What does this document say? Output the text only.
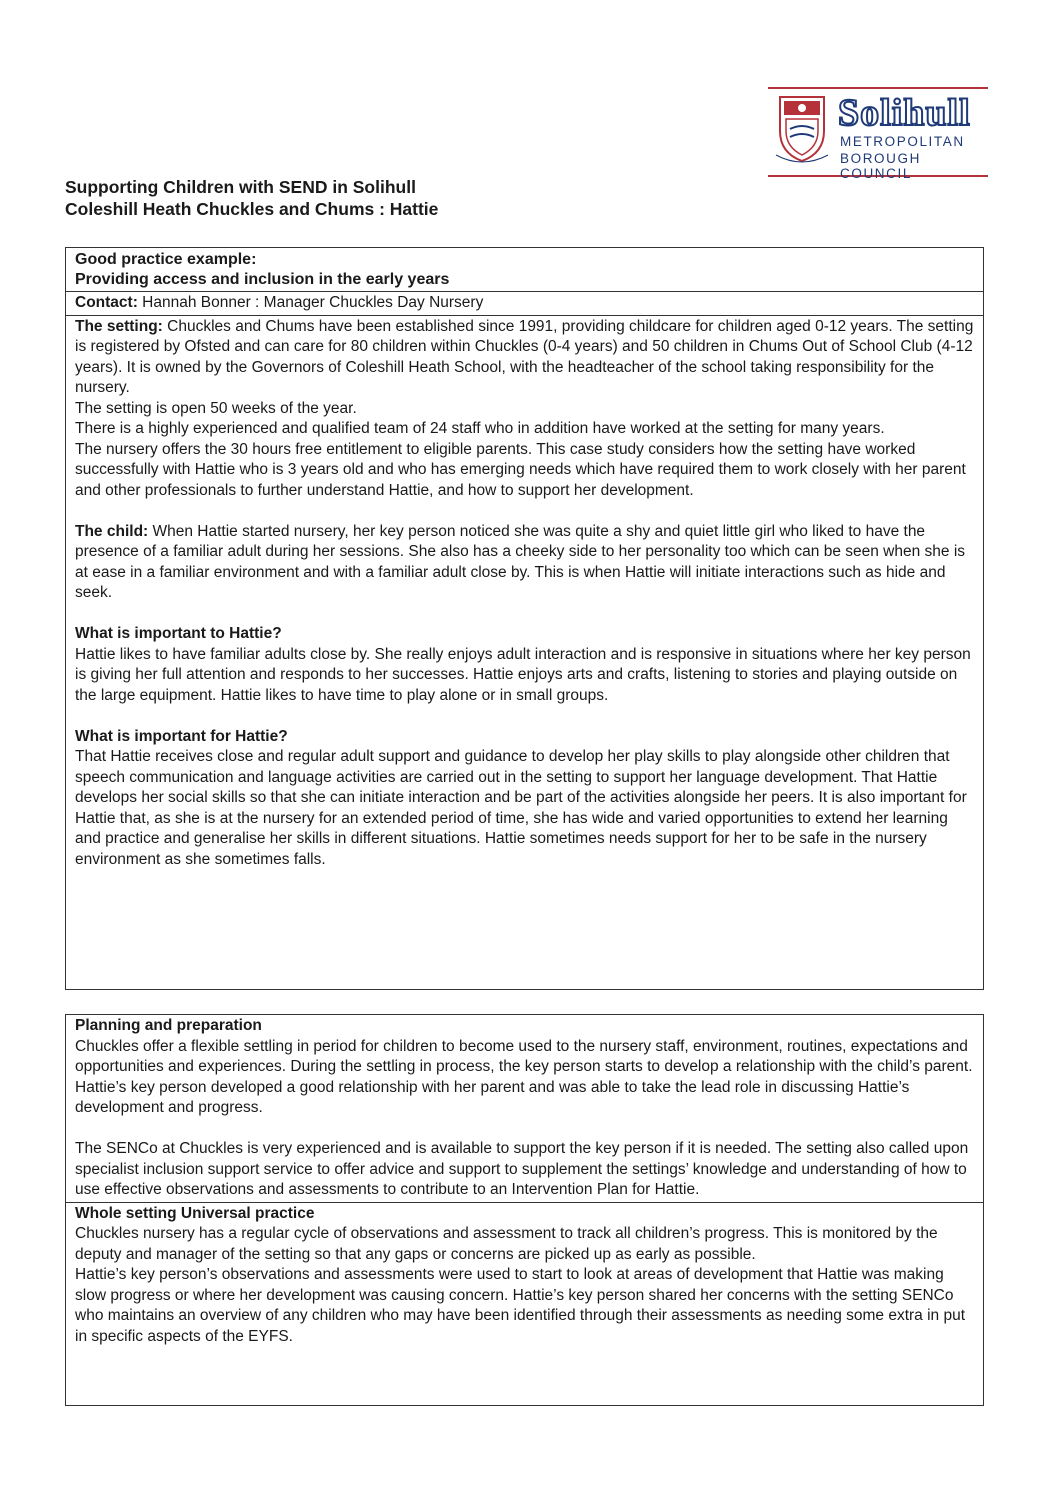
Solihull
METROPOLITAN
BOROUGH COUNCIL
Supporting Children with SEND in Solihull
Coleshill Heath Chuckles and Chums : Hattie
Good practice example:
Providing access and inclusion in the early years
Contact: Hannah Bonner : Manager Chuckles Day Nursery

The setting: Chuckles and Chums have been established since 1991, providing childcare for children aged 0-12 years. The setting is registered by Ofsted and can care for 80 children within Chuckles (0-4 years) and 50 children in Chums Out of School Club (4-12 years). It is owned by the Governors of Coleshill Heath School, with the headteacher of the school taking responsibility for the nursery.

The setting is open 50 weeks of the year.

There is a highly experienced and qualified team of 24 staff who in addition have worked at the setting for many years.

The nursery offers the 30 hours free entitlement to eligible parents. This case study considers how the setting have worked successfully with Hattie who is 3 years old and who has emerging needs which have required them to work closely with her parent and other professionals to further understand Hattie, and how to support her development.

The child: When Hattie started nursery, her key person noticed she was quite a shy and quiet little girl who liked to have the presence of a familiar adult during her sessions. She also has a cheeky side to her personality too which can be seen when she is at ease in a familiar environment and with a familiar adult close by. This is when Hattie will initiate interactions such as hide and seek.

What is important to Hattie?

Hattie likes to have familiar adults close by. She really enjoys adult interaction and is responsive in situations where her key person is giving her full attention and responds to her successes. Hattie enjoys arts and crafts, listening to stories and playing outside on the large equipment. Hattie likes to have time to play alone or in small groups.

What is important for Hattie?

That Hattie receives close and regular adult support and guidance to develop her play skills to play alongside other children that speech communication and language activities are carried out in the setting to support her language development. That Hattie develops her social skills so that she can initiate interaction and be part of the activities alongside her peers. It is also important for Hattie that, as she is at the nursery for an extended period of time, she has wide and varied opportunities to extend her learning and practice and generalise her skills in different situations. Hattie sometimes needs support for her to be safe in the nursery environment as she sometimes falls.

Planning and preparation

Chuckles offer a flexible settling in period for children to become used to the nursery staff, environment, routines, expectations and opportunities and experiences. During the settling in process, the key person starts to develop a relationship with the child’s parent. Hattie’s key person developed a good relationship with her parent and was able to take the lead role in discussing Hattie’s development and progress.

The SENCo at Chuckles is very experienced and is available to support the key person if it is needed. The setting also called upon specialist inclusion support service to offer advice and support to supplement the settings’ knowledge and understanding of how to use effective observations and assessments to contribute to an Intervention Plan for Hattie.

Whole setting Universal practice

Chuckles nursery has a regular cycle of observations and assessment to track all children’s progress. This is monitored by the deputy and manager of the setting so that any gaps or concerns are picked up as early as possible.

Hattie’s key person’s observations and assessments were used to start to look at areas of development that Hattie was making slow progress or where her development was causing concern. Hattie’s key person shared her concerns with the setting SENCo who maintains an overview of any children who may have been identified through their assessments as needing some extra in put in specific aspects of the EYFS.
